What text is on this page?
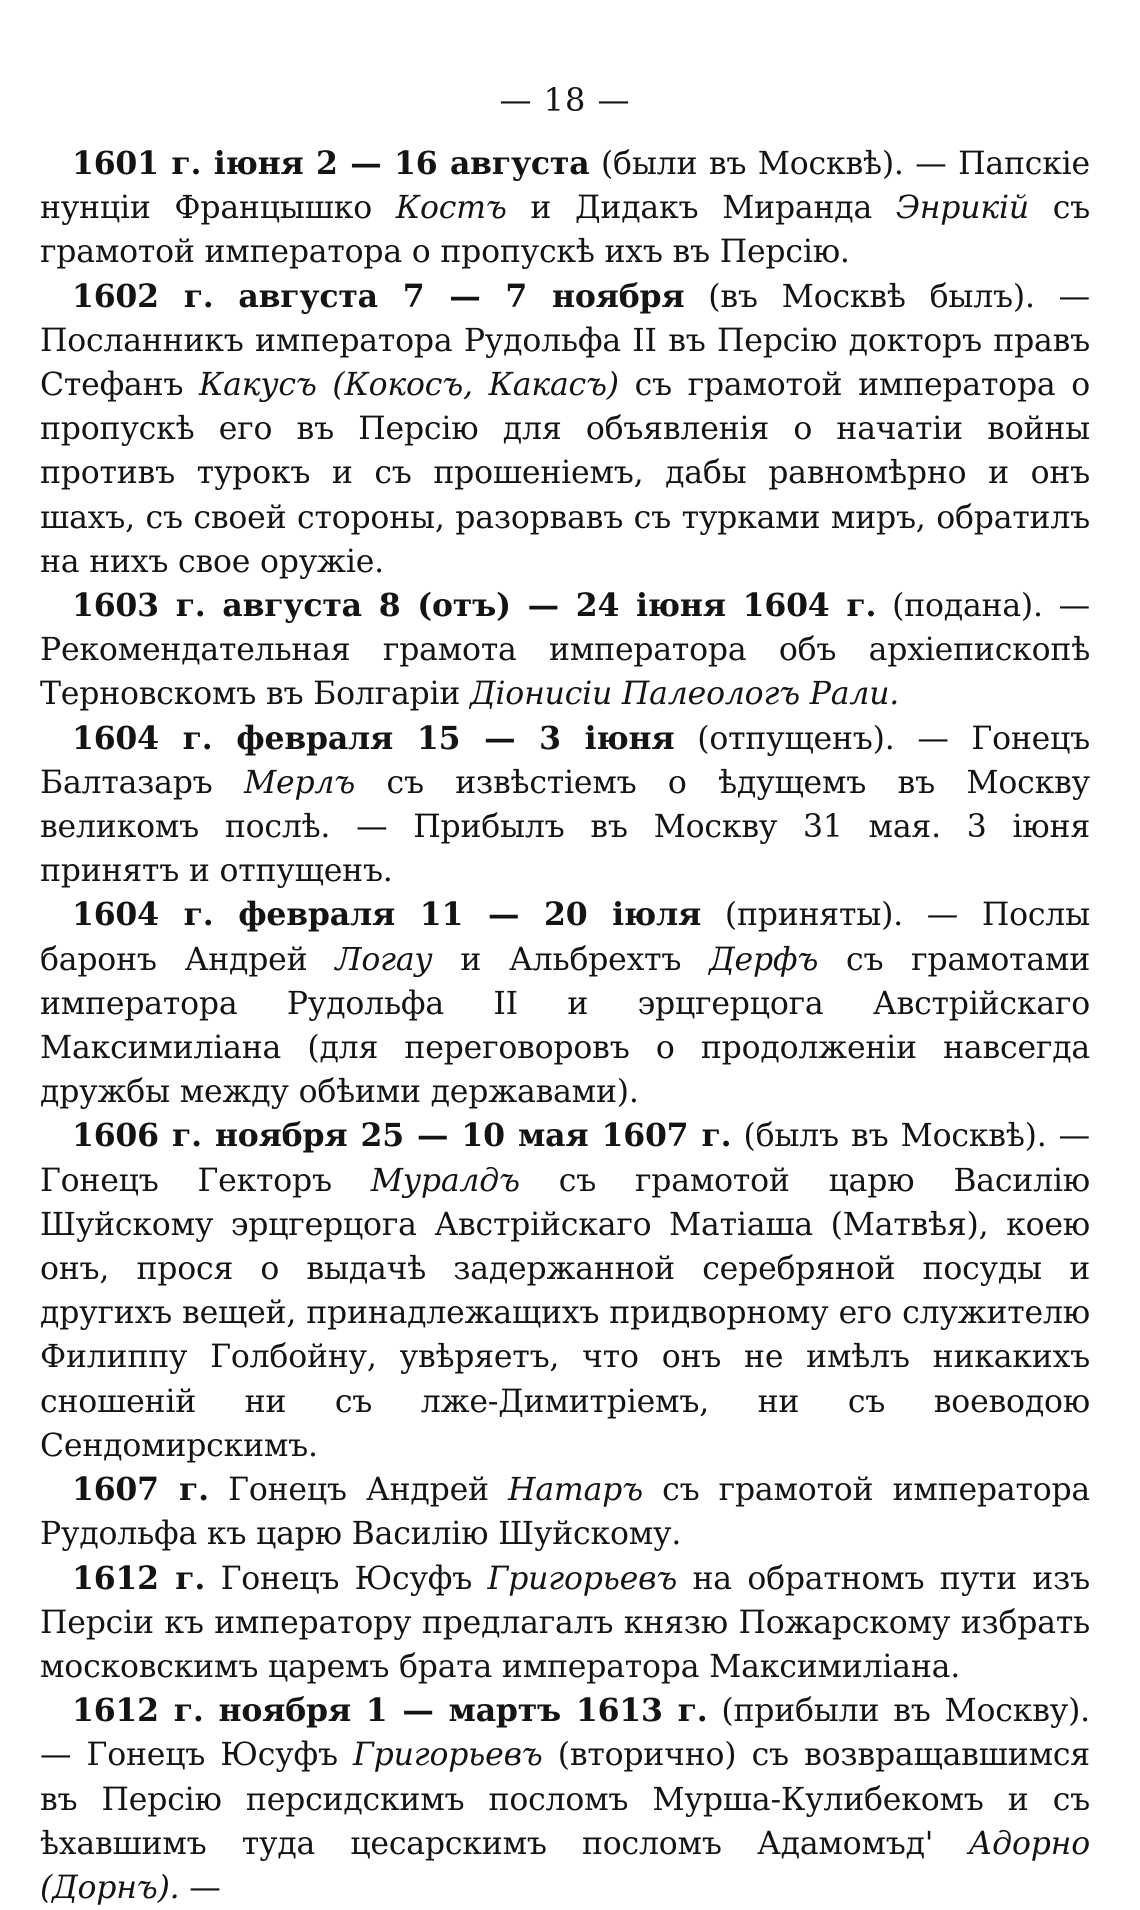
— 18 —

1601 г. іюня 2 — 16 августа (были въ Москвѣ). — Папскіе нунціи Францышко Костъ и Дидакъ Миранда Энрикій съ грамотой императора о пропускѣ ихъ въ Персію.

1602 г. августа 7 — 7 ноября (въ Москвѣ былъ). — Посланникъ императора Рудольфа II въ Персію докторъ правъ Стефанъ Какусъ (Кокосъ, Какасъ) съ грамотой императора о пропускѣ его въ Персію для объявленія о начатіи войны противъ турокъ и съ прошеніемъ, дабы равномѣрно и онъ шахъ, съ своей стороны, разорвавъ съ турками миръ, обратилъ на нихъ свое оружіе.

1603 г. августа 8 (отъ) — 24 іюня 1604 г. (подана). — Рекомендательная грамота императора объ архіепископѣ Терновскомъ въ Болгаріи Діонисіи Палеологъ Рали.

1604 г. февраля 15 — 3 іюня (отпущенъ). — Гонецъ Балтазаръ Мерлъ съ извѣстіемъ о ѣдущемъ въ Москву великомъ послѣ. — Прибылъ въ Москву 31 мая. 3 іюня принятъ и отпущенъ.

1604 г. февраля 11 — 20 іюля (приняты). — Послы баронъ Андрей Логау и Альбрехтъ Дерфъ съ грамотами императора Рудольфа II и эрцгерцога Австрійскаго Максимиліана (для переговоровъ о продолженіи навсегда дружбы между обѣими державами).

1606 г. ноября 25 — 10 мая 1607 г. (былъ въ Москвѣ). — Гонецъ Гекторъ Муралдъ съ грамотой царю Василію Шуйскому эрцгерцога Австрійскаго Матіаша (Матвѣя), коею онъ, прося о выдачѣ задержанной серебряной посуды и другихъ вещей, принадлежащихъ придворному его служителю Филиппу Голбойну, увѣряетъ, что онъ не имѣлъ никакихъ сношеній ни съ лже-Димитріемъ, ни съ воеводою Сендомирскимъ.

1607 г. Гонецъ Андрей Натаръ съ грамотой императора Рудольфа къ царю Василію Шуйскому.

1612 г. Гонецъ Юсуфъ Григорьевъ на обратномъ пути изъ Персіи къ императору предлагалъ князю Пожарскому избрать московскимъ царемъ брата императора Максимиліана.

1612 г. ноября 1 — мартъ 1613 г. (прибыли въ Москву). — Гонецъ Юсуфъ Григорьевъ (вторично) съ возвращавшимся въ Персію персидскимъ посломъ Мурша-Кулибекомъ и съ ѣхавшимъ туда цесарскимъ посломъ Адамомъд' Адорно (Дорнъ). —
